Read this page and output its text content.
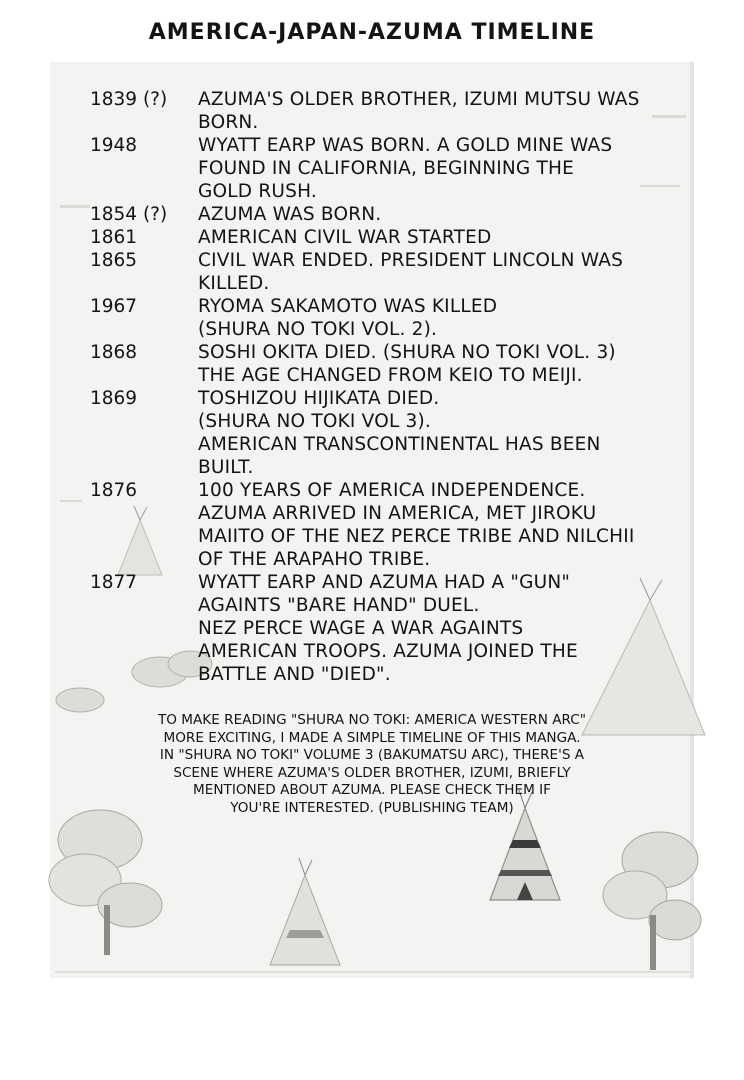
AMERICA-JAPAN-AZUMA TIMELINE
1839 (?)	AZUMA'S OLDER BROTHER, IZUMI MUTSU WAS
BORN.
1948	WYATT EARP WAS BORN. A GOLD MINE WAS
FOUND IN CALIFORNIA, BEGINNING THE
GOLD RUSH.
1854 (?)	AZUMA WAS BORN.
1861	AMERICAN CIVIL WAR STARTED
1865	CIVIL WAR ENDED. PRESIDENT LINCOLN WAS
KILLED.
1967	RYOMA SAKAMOTO WAS KILLED
(SHURA NO TOKI VOL. 2).
1868	SOSHI OKITA DIED. (SHURA NO TOKI VOL. 3)
THE AGE CHANGED FROM KEIO TO MEIJI.
1869	TOSHIZOU HIJIKATA DIED.
(SHURA NO TOKI VOL 3).
AMERICAN TRANSCONTINENTAL HAS BEEN
BUILT.
1876	100 YEARS OF AMERICA INDEPENDENCE.
AZUMA ARRIVED IN AMERICA, MET JIROKU
MAIITO OF THE NEZ PERCE TRIBE AND NILCHII
OF THE ARAPAHO TRIBE.
1877	WYATT EARP AND AZUMA HAD A "GUN"
AGAINTS "BARE HAND" DUEL.
NEZ PERCE WAGE A WAR AGAINTS
AMERICAN TROOPS. AZUMA JOINED THE
BATTLE AND "DIED".
TO MAKE READING "SHURA NO TOKI: AMERICA WESTERN ARC"
MORE EXCITING, I MADE A SIMPLE TIMELINE OF THIS MANGA.
IN "SHURA NO TOKI" VOLUME 3 (BAKUMATSU ARC), THERE'S A
SCENE WHERE AZUMA'S OLDER BROTHER, IZUMI, BRIEFLY
MENTIONED ABOUT AZUMA. PLEASE CHECK THEM IF
YOU'RE INTERESTED. (PUBLISHING TEAM)
